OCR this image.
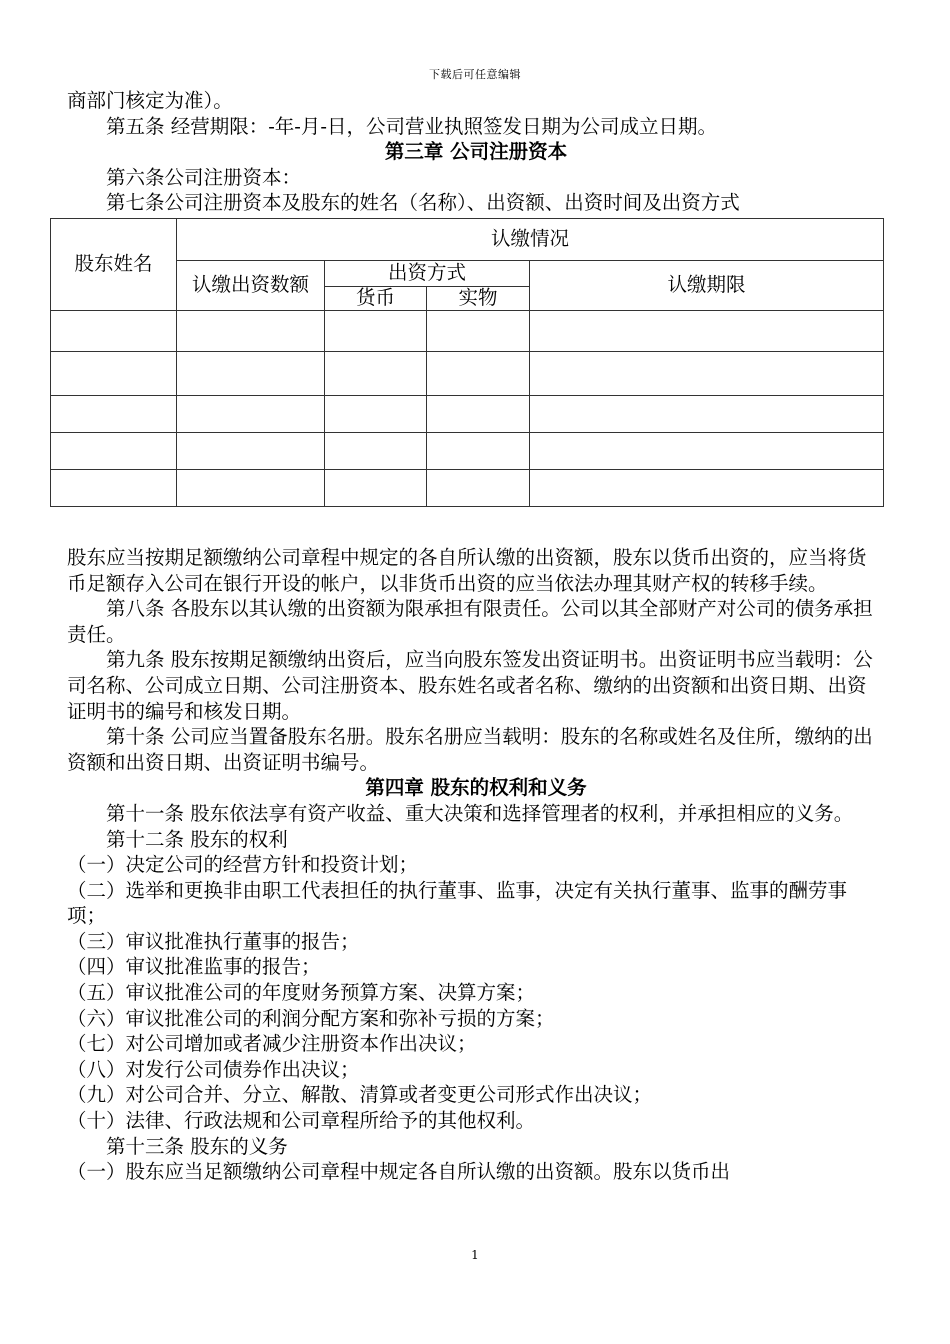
下载后可任意编辑

商部门核定为准）。

第五条 经营期限：-年-月-日，公司营业执照签发日期为公司成立日期。

第三章 公司注册资本

第六条公司注册资本：

第七条公司注册资本及股东的姓名（名称）、出资额、出资时间及出资方式

股东姓名	认缴情况			
	认缴出资数额	出资方式		认缴期限
		货币	实物	

股东应当按期足额缴纳公司章程中规定的各自所认缴的出资额，股东以货币出资的，应当将货币足额存入公司在银行开设的帐户，以非货币出资的应当依法办理其财产权的转移手续。

第八条 各股东以其认缴的出资额为限承担有限责任。公司以其全部财产对公司的债务承担责任。

第九条 股东按期足额缴纳出资后，应当向股东签发出资证明书。出资证明书应当载明：公司名称、公司成立日期、公司注册资本、股东姓名或者名称、缴纳的出资额和出资日期、出资证明书的编号和核发日期。

第十条 公司应当置备股东名册。股东名册应当载明：股东的名称或姓名及住所，缴纳的出资额和出资日期、出资证明书编号。

第四章 股东的权利和义务

第十一条 股东依法享有资产收益、重大决策和选择管理者的权利，并承担相应的义务。

第十二条 股东的权利

（一）决定公司的经营方针和投资计划；

（二）选举和更换非由职工代表担任的执行董事、监事，决定有关执行董事、监事的酬劳事项；

（三）审议批准执行董事的报告；

（四）审议批准监事的报告；

（五）审议批准公司的年度财务预算方案、决算方案；

（六）审议批准公司的利润分配方案和弥补亏损的方案；

（七）对公司增加或者减少注册资本作出决议；

（八）对发行公司债券作出决议；

（九）对公司合并、分立、解散、清算或者变更公司形式作出决议；

（十）法律、行政法规和公司章程所给予的其他权利。

第十三条 股东的义务

（一）股东应当足额缴纳公司章程中规定各自所认缴的出资额。股东以货币出

1
